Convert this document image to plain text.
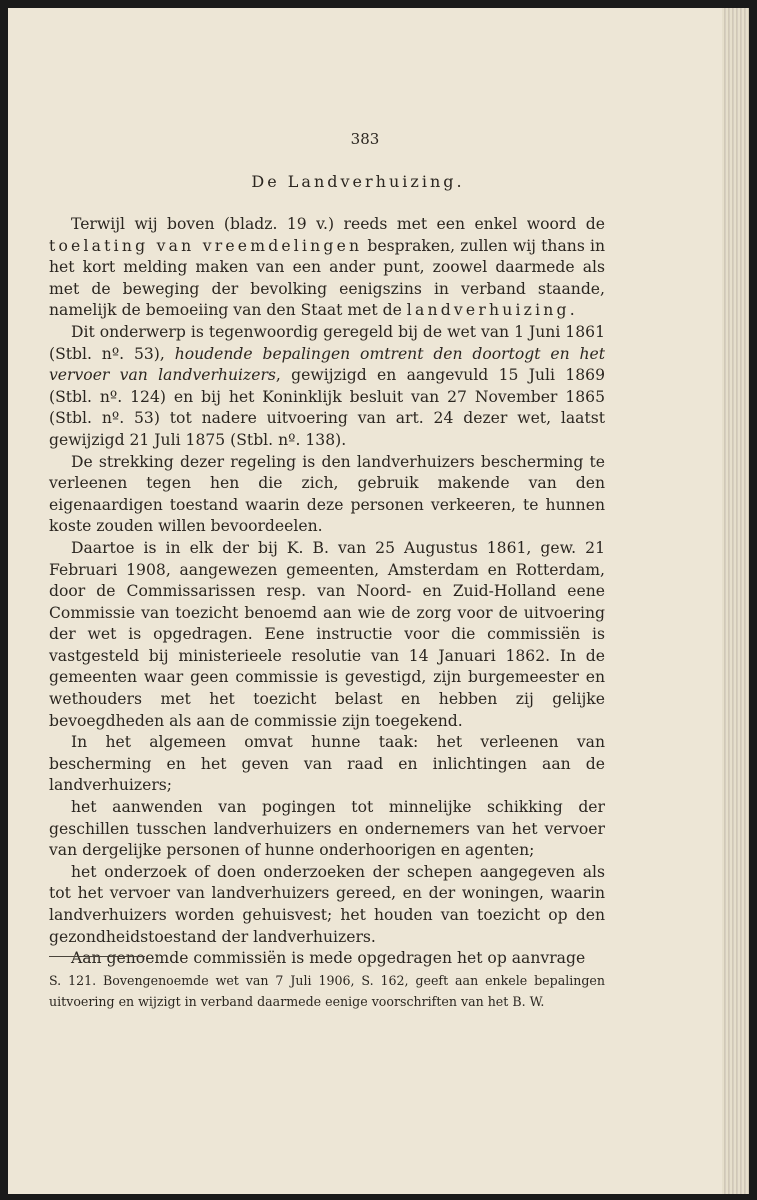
383
De Landverhuizing.

Terwijl wij boven (bladz. 19 v.) reeds met een enkel woord de toelating van vreemdelingen bespraken, zullen wij thans in het kort melding maken van een ander punt, zoowel daarmede als met de beweging der bevolking eenigszins in verband staande, namelijk de bemoeiing van den Staat met de landverhuizing.

Dit onderwerp is tegenwoordig geregeld bij de wet van 1 Juni 1861 (Stbl. nº. 53), houdende bepalingen omtrent den doortogt en het vervoer van landverhuizers, gewijzigd en aangevuld 15 Juli 1869 (Stbl. nº. 124) en bij het Koninklijk besluit van 27 November 1865 (Stbl. nº. 53) tot nadere uitvoering van art. 24 dezer wet, laatst gewijzigd 21 Juli 1875 (Stbl. nº. 138).

De strekking dezer regeling is den landverhuizers bescherming te verleenen tegen hen die zich, gebruik makende van den eigenaardigen toestand waarin deze personen verkeeren, te hunnen koste zouden willen bevoordeelen.

Daartoe is in elk der bij K. B. van 25 Augustus 1861, gew. 21 Februari 1908, aangewezen gemeenten, Amsterdam en Rotterdam, door de Commissarissen resp. van Noord- en Zuid-Holland eene Commissie van toezicht benoemd aan wie de zorg voor de uitvoering der wet is opgedragen. Eene instructie voor die commissiën is vastgesteld bij ministerieele resolutie van 14 Januari 1862. In de gemeenten waar geen commissie is gevestigd, zijn burgemeester en wethouders met het toezicht belast en hebben zij gelijke bevoegdheden als aan de commissie zijn toegekend.

In het algemeen omvat hunne taak: het verleenen van bescherming en het geven van raad en inlichtingen aan de landverhuizers;

het aanwenden van pogingen tot minnelijke schikking der geschillen tusschen landverhuizers en ondernemers van het vervoer van dergelijke personen of hunne onderhoorigen en agenten;

het onderzoek of doen onderzoeken der schepen aangegeven als tot het vervoer van landverhuizers gereed, en der woningen, waarin landverhuizers worden gehuisvest; het houden van toezicht op den gezondheidstoestand der landverhuizers.

Aan genoemde commissiën is mede opgedragen het op aanvrage

S. 121. Bovengenoemde wet van 7 Juli 1906, S. 162, geeft aan enkele bepalingen uitvoering en wijzigt in verband daarmede eenige voorschriften van het B. W.
